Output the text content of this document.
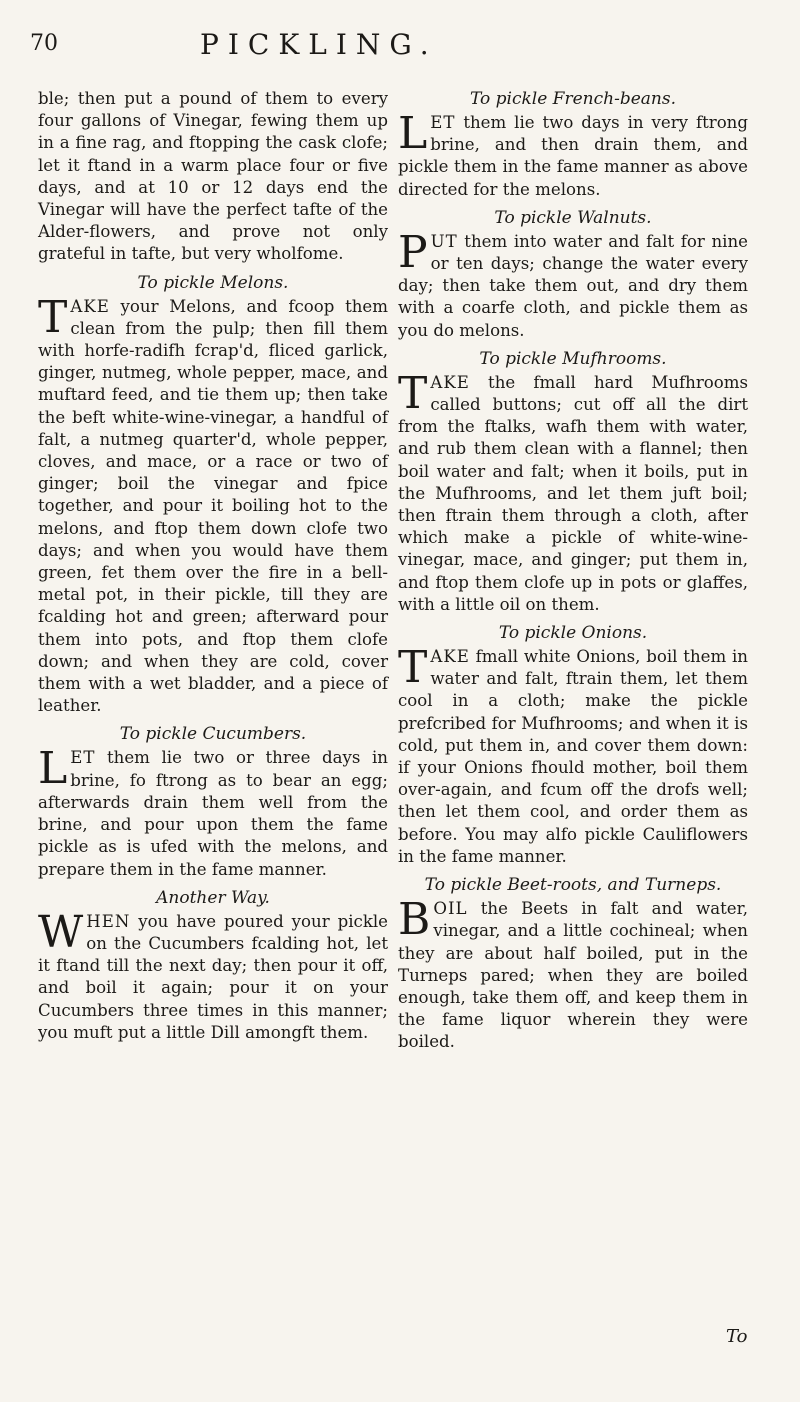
70	PICKLING.

ble; then put a pound of them to every four gallons of Vinegar, fewing them up in a fine rag, and ftopping the cask clofe; let it ftand in a warm place four or five days, and at 10 or 12 days end the Vinegar will have the perfect tafte of the Alder-flowers, and prove not only grateful in tafte, but very wholfome.

To pickle Melons.

TAKE your Melons, and fcoop them clean from the pulp; then fill them with horfe-radifh fcrap'd, fliced garlick, ginger, nutmeg, whole pepper, mace, and muftard feed, and tie them up; then take the beft white-wine-vinegar, a handful of falt, a nutmeg quarter'd, whole pepper, cloves, and mace, or a race or two of ginger; boil the vinegar and fpice together, and pour it boiling hot to the melons, and ftop them down clofe two days; and when you would have them green, fet them over the fire in a bell-metal pot, in their pickle, till they are fcalding hot and green; afterward pour them into pots, and ftop them clofe down; and when they are cold, cover them with a wet bladder, and a piece of leather.

To pickle Cucumbers.

LET them lie two or three days in brine, fo ftrong as to bear an egg; afterwards drain them well from the brine, and pour upon them the fame pickle as is ufed with the melons, and prepare them in the fame manner.

Another Way.

WHEN you have poured your pickle on the Cucumbers fcalding hot, let it ftand till the next day; then pour it off, and boil it again; pour it on your Cucumbers three times in this manner; you muft put a little Dill amongft them.

To pickle French-beans.

LET them lie two days in very ftrong brine, and then drain them, and pickle them in the fame manner as above directed for the melons.

To pickle Walnuts.

PUT them into water and falt for nine or ten days; change the water every day; then take them out, and dry them with a coarfe cloth, and pickle them as you do melons.

To pickle Mufhrooms.

TAKE the fmall hard Mufhrooms called buttons; cut off all the dirt from the ftalks, wafh them with water, and rub them clean with a flannel; then boil water and falt; when it boils, put in the Mufhrooms, and let them juft boil; then ftrain them through a cloth, after which make a pickle of white-wine-vinegar, mace, and ginger; put them in, and ftop them clofe up in pots or glaffes, with a little oil on them.

To pickle Onions.

TAKE fmall white Onions, boil them in water and falt, ftrain them, let them cool in a cloth; make the pickle prefcribed for Mufhrooms; and when it is cold, put them in, and cover them down: if your Onions fhould mother, boil them over-again, and fcum off the drofs well; then let them cool, and order them as before. You may alfo pickle Cauliflowers in the fame manner.

To pickle Beet-roots, and Turneps.

BOIL the Beets in falt and water, vinegar, and a little cochineal; when they are about half boiled, put in the Turneps pared; when they are boiled enough, take them off, and keep them in the fame liquor wherein they were boiled.

To
